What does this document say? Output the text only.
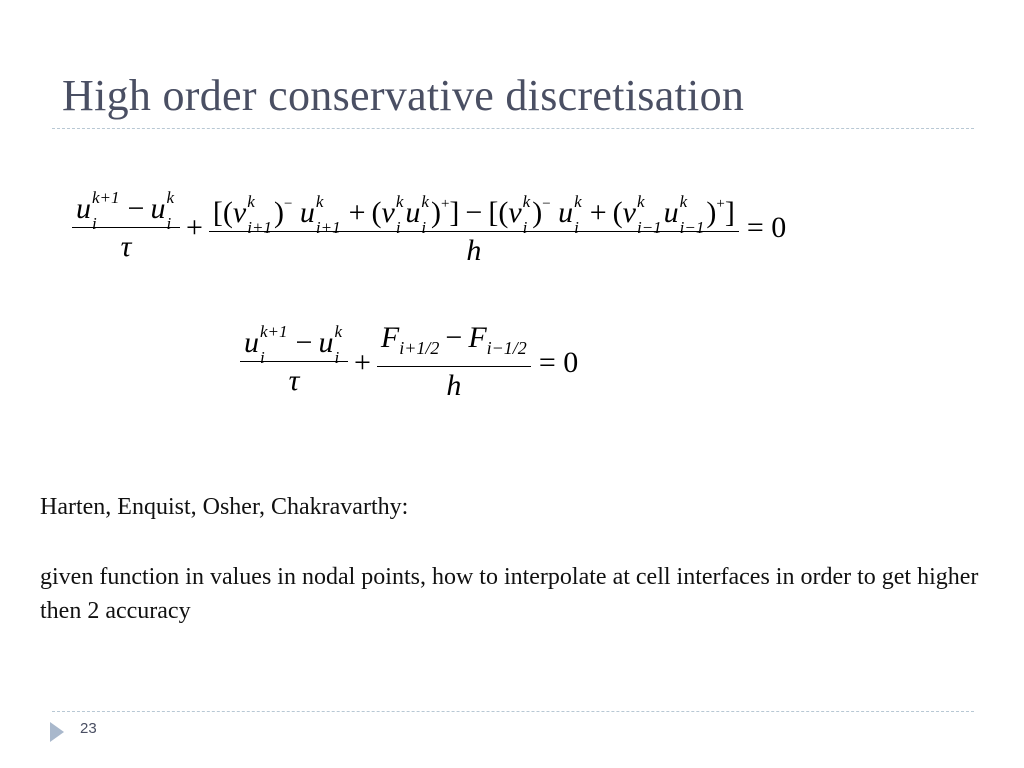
High order conservative discretisation
u k+1
i	− u k
i
τ + [(v k
i+1 )− u k
i+1 + (v k
i u k
i )+] − [(v k
i )− u k
i + (v k
i−1 u k
i−1 )+]
h = 0
u k+1
i	− u k
i
$\tau + \frac{F_{i+1/2} - F_{i-1/2}}{h} = 0$
Harten, Enquist, Osher, Chakravarthy:
given function in values in nodal points, how to interpolate at cell interfaces in order to get higher then 2 accuracy
23
